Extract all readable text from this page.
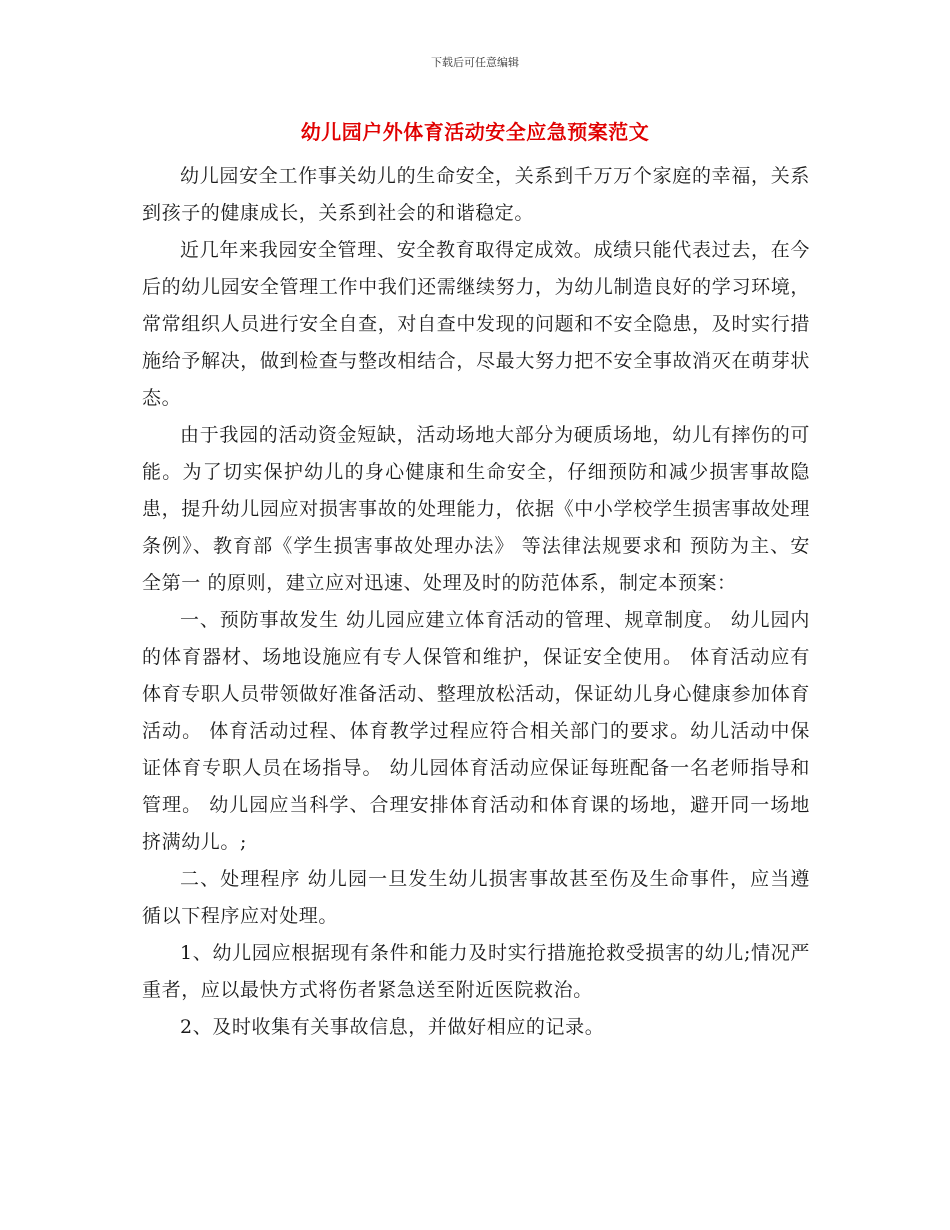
下载后可任意编辑
幼儿园户外体育活动安全应急预案范文

幼儿园安全工作事关幼儿的生命安全，关系到千万万个家庭的幸福，关系到孩子的健康成长，关系到社会的和谐稳定。

近几年来我园安全管理、安全教育取得定成效。成绩只能代表过去，在今后的幼儿园安全管理工作中我们还需继续努力，为幼儿制造良好的学习环境，常常组织人员进行安全自查，对自查中发现的问题和不安全隐患，及时实行措施给予解决，做到检查与整改相结合，尽最大努力把不安全事故消灭在萌芽状态。

由于我园的活动资金短缺，活动场地大部分为硬质场地，幼儿有摔伤的可能。为了切实保护幼儿的身心健康和生命安全，仔细预防和减少损害事故隐患，提升幼儿园应对损害事故的处理能力，依据《中小学校学生损害事故处理条例》、教育部《学生损害事故处理办法》 等法律法规要求和 预防为主、安全第一 的原则，建立应对迅速、处理及时的防范体系，制定本预案：

一、预防事故发生 幼儿园应建立体育活动的管理、规章制度。 幼儿园内的体育器材、场地设施应有专人保管和维护，保证安全使用。 体育活动应有体育专职人员带领做好准备活动、整理放松活动，保证幼儿身心健康参加体育活动。 体育活动过程、体育教学过程应符合相关部门的要求。幼儿活动中保证体育专职人员在场指导。 幼儿园体育活动应保证每班配备一名老师指导和管理。 幼儿园应当科学、合理安排体育活动和体育课的场地，避开同一场地挤满幼儿。;

二、处理程序 幼儿园一旦发生幼儿损害事故甚至伤及生命事件，应当遵循以下程序应对处理。

1、幼儿园应根据现有条件和能力及时实行措施抢救受损害的幼儿;情况严重者，应以最快方式将伤者紧急送至附近医院救治。

2、及时收集有关事故信息，并做好相应的记录。
